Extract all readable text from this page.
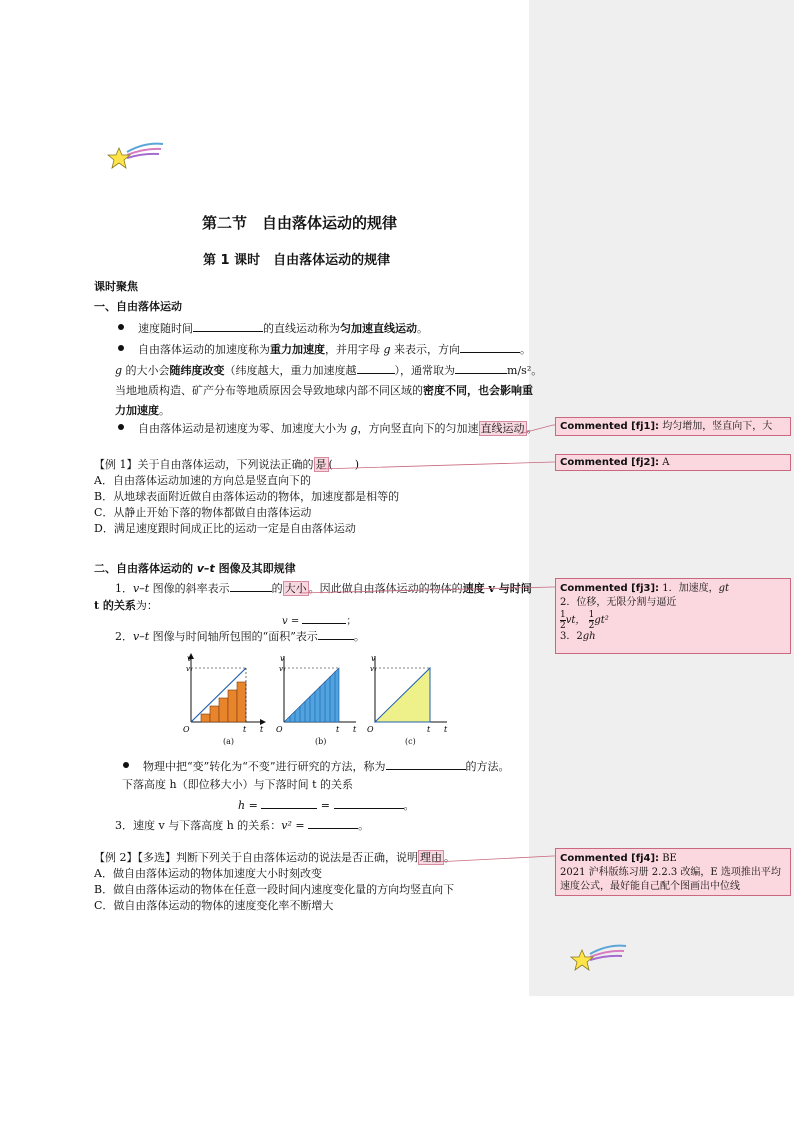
第二节　自由落体运动的规律
第 1 课时　自由落体运动的规律
课时聚焦
一、自由落体运动
速度随时间	的直线运动称为匀加速直线运动。
自由落体运动的加速度称为重力加速度，并用字母 g 来表示，方向	。
g 的大小会随纬度改变（纬度越大，重力加速度越	），通常取为	m/s²。
当地地质构造、矿产分布等地质原因会导致地球内部不同区域的密度不同，也会影响重
力加速度。
自由落体运动是初速度为零、加速度大小为 g，方向竖直向下的匀加速 直线运动 。
【例 1】关于自由落体运动，下列说法正确的 是 (　　)
A．自由落体运动加速的方向总是竖直向下的
B．从地球表面附近做自由落体运动的物体，加速度都是相等的
C．从静止开始下落的物体都做自由落体运动
D．满足速度跟时间成正比的运动一定是自由落体运动
二、自由落体运动的 v–t 图像及其即规律
1．v–t 图像的斜率表示	的 大小 。因此做自由落体运动的物体的速度 v 与时间
t 的关系为：
v =	；
2．v–t 图像与时间轴所包围的“面积”表示	。
v
v₁
O	t t
v
v₁
O	t t
v
v₁
O	t t
(a)	(b)	(c)
物理中把“变”转化为“不变”进行研究的方法，称为	的方法。
下落高度 h（即位移大小）与下落时间 t 的关系
h =	=	。
3．速度 v 与下落高度 h 的关系：v² =	。
【例 2】【多选】判断下列关于自由落体运动的说法是否正确，说明 理由 。
A．做自由落体运动的物体加速度大小时刻改变
B．做自由落体运动的物体在任意一段时间内速度变化量的方向均竖直向下
C．做自由落体运动的物体的速度变化率不断增大
Commented [fj1]: 均匀增加，竖直向下，大
Commented [fj2]: A
Commented [fj3]: 1．加速度，gt
2．位移，无限分割与逼近
$\frac{1}{2}$ vt， $\frac{1}{2} gt^2$
3．2gh
Commented [fj4]: BE
2021 沪科版练习册 2.2.3 改编，E 选项推出平均
速度公式，最好能自己配个图画出中位线
